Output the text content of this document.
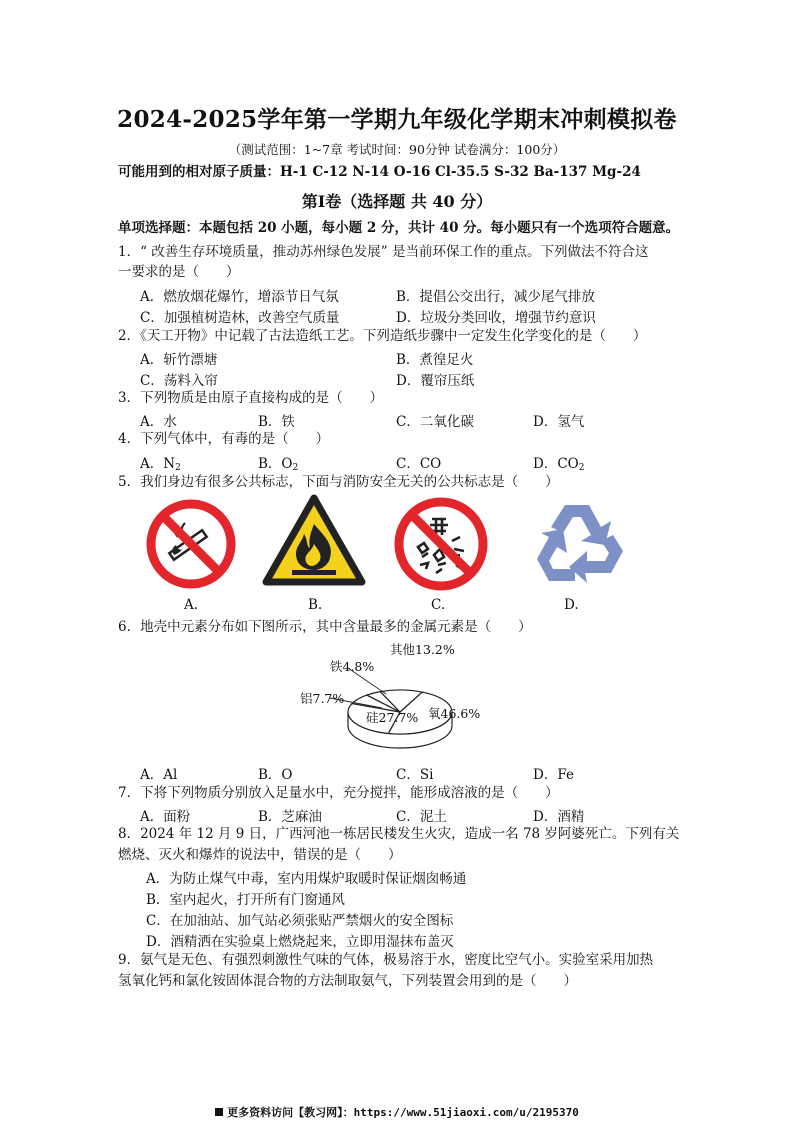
2024-2025学年第一学期九年级化学期末冲刺模拟卷
（测试范围：1~7章 考试时间：90分钟 试卷满分：100分）
可能用到的相对原子质量：H-1 C-12 N-14 O-16 Cl-35.5 S-32 Ba-137 Mg-24
第Ⅰ卷（选择题 共 40 分）
单项选择题：本题包括 20 小题，每小题 2 分，共计 40 分。每小题只有一个选项符合题意。
1．“ 改善生存环境质量，推动苏州绿色发展” 是当前环保工作的重点。下列做法不符合这
一要求的是（　　）
A．燃放烟花爆竹，增添节日气氛	B．提倡公交出行，减少尾气排放
C．加强植树造林，改善空气质量	D．垃圾分类回收，增强节约意识
2．《天工开物》中记载了古法造纸工艺。下列造纸步骤中一定发生化学变化的是（　　）
A．斩竹漂塘	B．煮徨足火
C．荡料入帘	D．覆帘压纸
3．下列物质是由原子直接构成的是（　　）
A．水	B．铁	C．二氧化碳	D．氢气
4．下列气体中，有毒的是（　　）
A．$N_2$	B．$O_2$	C．CO	D．$CO_2$
5．我们身边有很多公共标志，下面与消防安全无关的公共标志是（　　）
A.	B.	C.	D.
6．地壳中元素分布如下图所示，其中含量最多的金属元素是（　　）
氧46.6%
硅27.7%
铝7.7%
铁4.8%
其他13.2%
A．Al	B．O	C．Si	D．Fe
7．下将下列物质分别放入足量水中，充分搅拌，能形成溶液的是（　　）
A．面粉	B．芝麻油	C．泥土	D．酒精
8．2024 年 12 月 9 日，广西河池一栋居民楼发生火灾，造成一名 78 岁阿婆死亡。下列有关
燃烧、灭火和爆炸的说法中，错误的是（　　）
A．为防止煤气中毒，室内用煤炉取暖时保证烟囱畅通
B．室内起火，打开所有门窗通风
C．在加油站、加气站必须张贴严禁烟火的安全图标
D．酒精洒在实验桌上燃烧起来，立即用湿抹布盖灭
9．氨气是无色、有强烈刺激性气味的气体，极易溶于水，密度比空气小。实验室采用加热
氢氧化钙和氯化铵固体混合物的方法制取氨气，下列装置会用到的是（　　）
更多资料访问【教习网】：https://www.51jiaoxi.com/u/2195370
